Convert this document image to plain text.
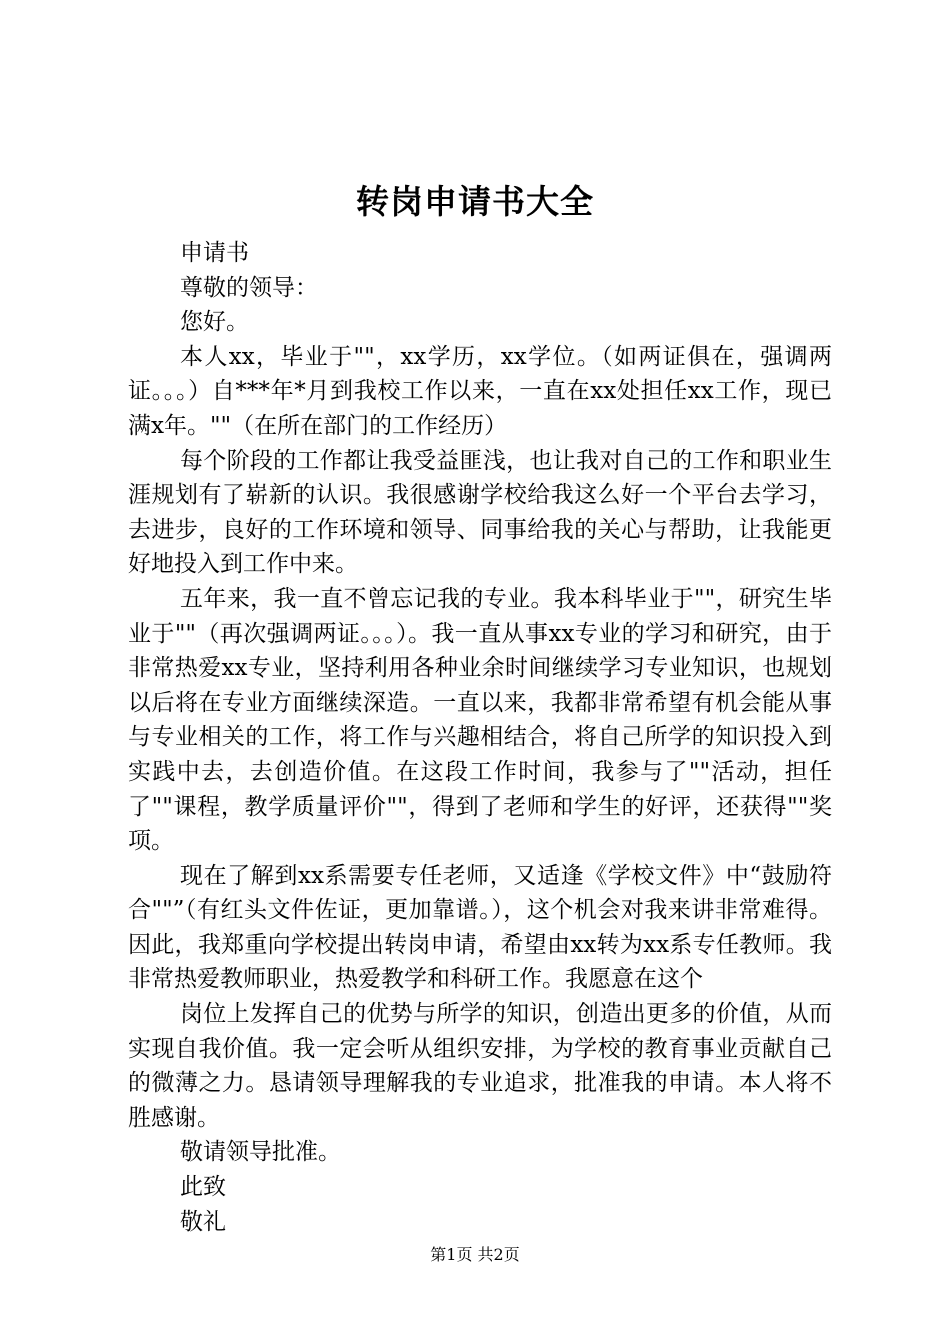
转岗申请书大全

申请书

尊敬的领导：

您好。

本人xx，毕业于""，xx学历，xx学位。（如两证俱在，强调两证。。。）自***年*月到我校工作以来，一直在xx处担任xx工作，现已满x年。""（在所在部门的工作经历）

每个阶段的工作都让我受益匪浅，也让我对自己的工作和职业生涯规划有了崭新的认识。我很感谢学校给我这么好一个平台去学习，去进步，良好的工作环境和领导、同事给我的关心与帮助，让我能更好地投入到工作中来。

五年来，我一直不曾忘记我的专业。我本科毕业于""，研究生毕业于""（再次强调两证。。。）。我一直从事xx专业的学习和研究，由于非常热爱xx专业，坚持利用各种业余时间继续学习专业知识，也规划以后将在专业方面继续深造。一直以来，我都非常希望有机会能从事与专业相关的工作，将工作与兴趣相结合，将自己所学的知识投入到实践中去，去创造价值。在这段工作时间，我参与了""活动，担任了""课程，教学质量评价""，得到了老师和学生的好评，还获得""奖项。

现在了解到xx系需要专任老师，又适逢《学校文件》中“鼓励符合""”（有红头文件佐证，更加靠谱。），这个机会对我来讲非常难得。因此，我郑重向学校提出转岗申请，希望由xx转为xx系专任教师。我非常热爱教师职业，热爱教学和科研工作。我愿意在这个

岗位上发挥自己的优势与所学的知识，创造出更多的价值，从而实现自我价值。我一定会听从组织安排，为学校的教育事业贡献自己的微薄之力。恳请领导理解我的专业追求，批准我的申请。本人将不胜感谢。

敬请领导批准。

此致

敬礼

第1页 共2页
